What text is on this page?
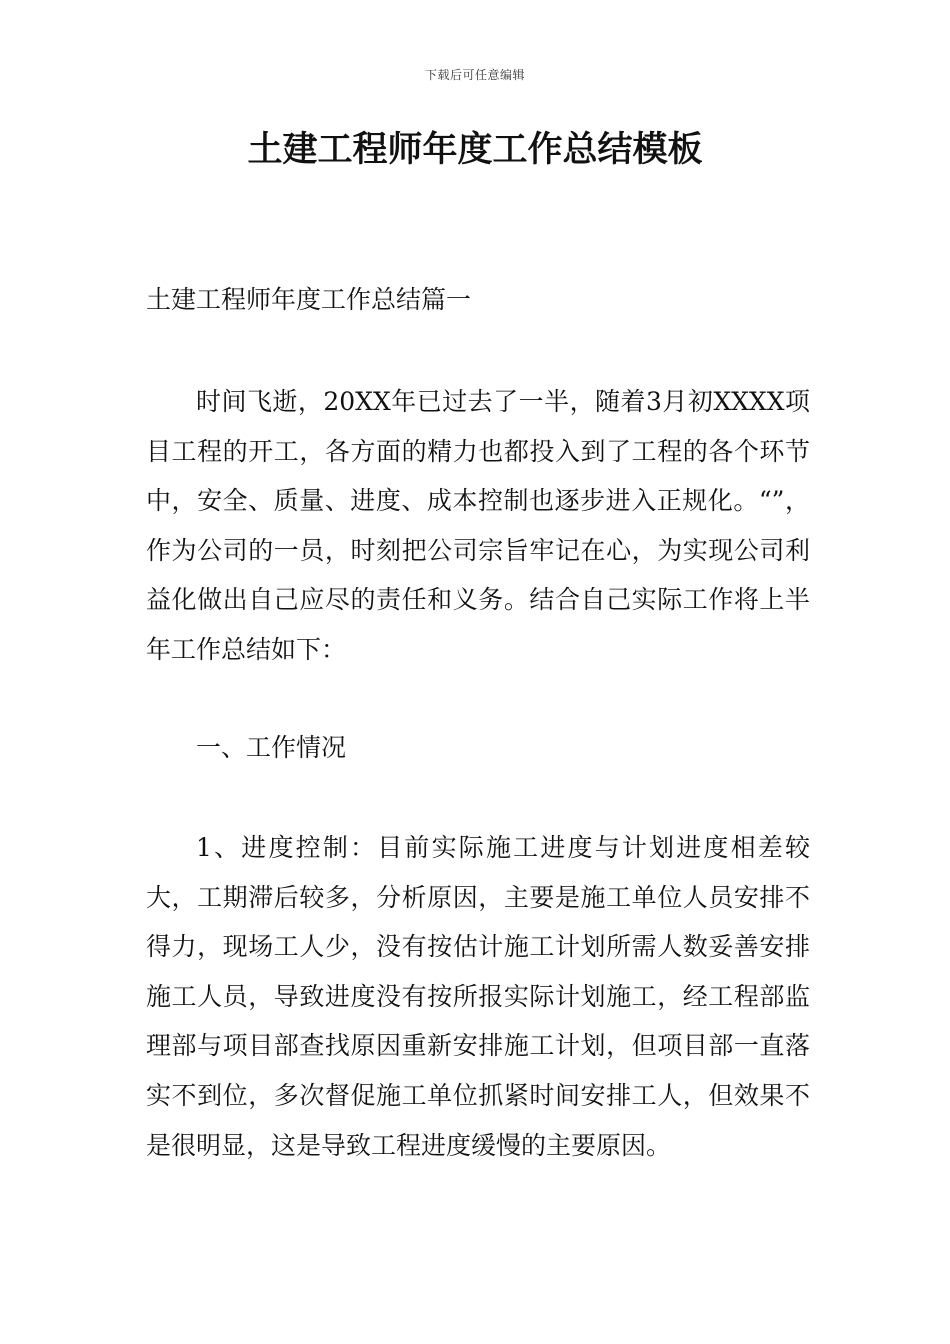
下载后可任意编辑
土建工程师年度工作总结模板

土建工程师年度工作总结篇一

时间飞逝，20XX年已过去了一半，随着3月初XXXX项目工程的开工，各方面的精力也都投入到了工程的各个环节中，安全、质量、进度、成本控制也逐步进入正规化。“”，作为公司的一员，时刻把公司宗旨牢记在心，为实现公司利益化做出自己应尽的责任和义务。结合自己实际工作将上半年工作总结如下：

一、工作情况

1、进度控制：目前实际施工进度与计划进度相差较大，工期滞后较多，分析原因，主要是施工单位人员安排不得力，现场工人少，没有按估计施工计划所需人数妥善安排施工人员，导致进度没有按所报实际计划施工，经工程部监理部与项目部查找原因重新安排施工计划，但项目部一直落实不到位，多次督促施工单位抓紧时间安排工人，但效果不是很明显，这是导致工程进度缓慢的主要原因。
